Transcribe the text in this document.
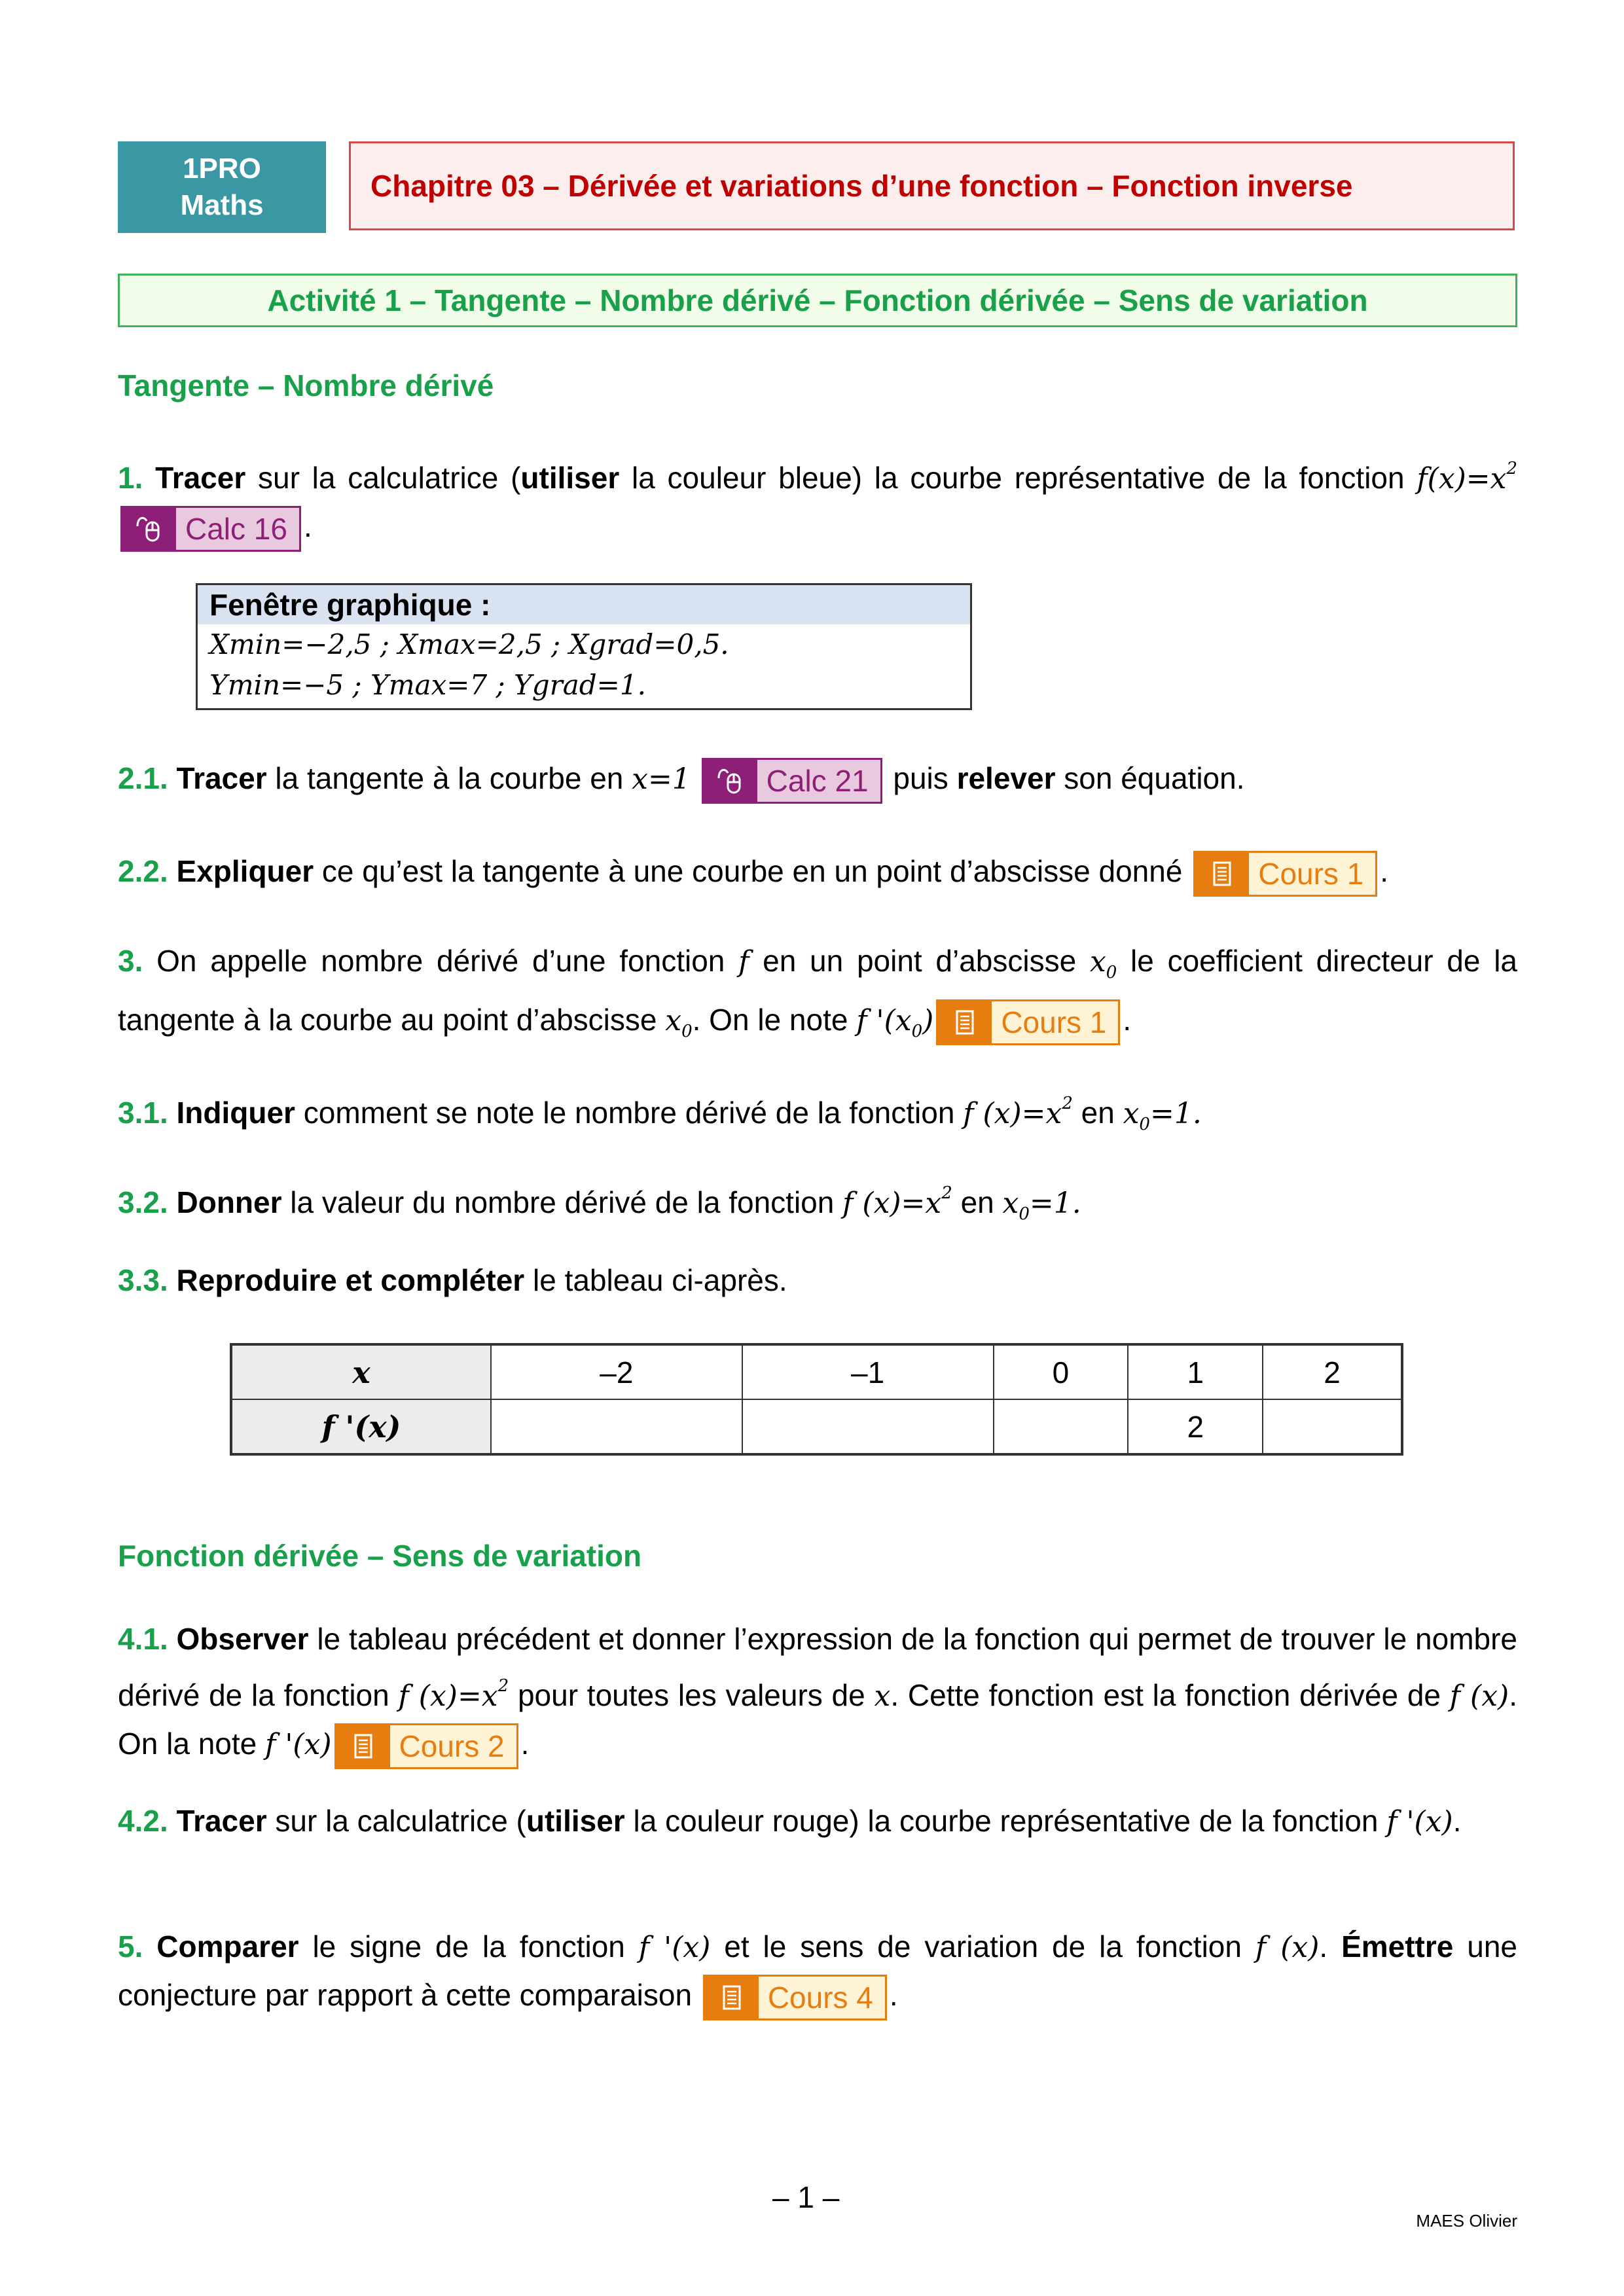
1PRO
Maths
Chapitre 03 – Dérivée et variations d’une fonction – Fonction inverse
Activité 1 – Tangente – Nombre dérivé – Fonction dérivée – Sens de variation
Tangente – Nombre dérivé
1. Tracer sur la calculatrice (utiliser la couleur bleue) la courbe représentative de la fonction $f(x)=x^2$
Calc 16 .
Fenêtre graphique :
Xmin=−2,5 ; Xmax=2,5 ; Xgrad=0,5.
Ymin=−5 ; Ymax=7 ; Ygrad=1.
2.1. Tracer la tangente à la courbe en x=1	Calc 21 puis relever son équation.
2.2. Expliquer ce qu’est la tangente à une courbe en un point d’abscisse donné	Cours 1 .
3. On appelle nombre dérivé d’une fonction f en un point d’abscisse $x_0$ le coefficient directeur de la tangente à la courbe au point d’abscisse $x_0$. On le note f '$(x_0)$	Cours 1 .
3.1. Indiquer comment se note le nombre dérivé de la fonction f $(x)=x^2$ en $x_0=1$.
3.2. Donner la valeur du nombre dérivé de la fonction f $(x)=x^2$ en $x_0=1$.
3.3. Reproduire et compléter le tableau ci-après.
x	–2	–1	0	1	2
f '(x)				2	
Fonction dérivée – Sens de variation
4.1. Observer le tableau précédent et donner l’expression de la fonction qui permet de trouver le nombre dérivé de la fonction f $(x)=x^2$ pour toutes les valeurs de x. Cette fonction est la fonction dérivée de f (x). On la note f '(x)	Cours 2 .
4.2. Tracer sur la calculatrice (utiliser la couleur rouge) la courbe représentative de la fonction f '(x).
5. Comparer le signe de la fonction f '(x) et le sens de variation de la fonction f (x). Émettre une conjecture par rapport à cette comparaison	Cours 4 .
– 1 –
MAES Olivier
